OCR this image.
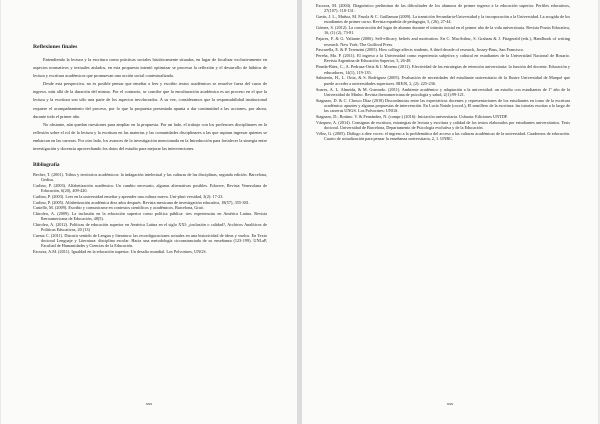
Reflexiones finales

Entendiendo la lectura y la escritura como prácticas sociales históricamente situadas, en lugar de focalizar exclusivamente en aspectos normativos y textuales aislados, en esta propuesta intentó optimizar se procesar la reflexión y el desarrollo de hábitos de lectura y escritura académicos que promuevan una acción social contextualizada.

Desde esta perspectiva, no es posible pensar que enseñar a leer y escribir textos académicos se resuelve fuera del curso de ingreso, más allá de la duración del mismo. Por el contrario, se concibe que la enculturación académica es un proceso en el que la lectura y la escritura son sólo una parte de los aspectos involucrados. A su vez, consideramos que la responsabilidad institucional requiere el acompañamiento del proceso, por lo que la propuesta presentada apunta a dar continuidad a las acciones, por ahora, durante todo el primer año.

No obstante, aún quedan cuestiones para ampliar en la propuesta. Por un lado, el trabajo con los profesores disciplinares en la reflexión sobre el rol de la lectura y la escritura en las materias y las comunidades disciplinares a las que aspiran ingresar quienes se embarcan en las carreras. Por otro lado, los avances de la investigación mencionada en la Introducción para fortalecer la sinergia entre investigación y docencia aprovechando los datos del estudio para mejorar las intervenciones.

Bibliografía
Becher, T. (2001). Tribus y territorios académicos: la indagación intelectual y las culturas de las disciplinas, segunda edición. Barcelona, Gedisa.
Carlino, P. (2003). Alfabetización académica: Un cambio necesario, algunas alternativas posibles. Educere, Revista Venezolana de Educación, 6(20), 409-420.
Carlino, P. (2003). Leer en la universidad enseñar y aprender una cultura nueva. Uni-pluri versidad, 3(2): 17-23.
Carlino, P. (2005). Alfabetización académica diez años después. Revista mexicana de investigación educativa, 18(57), 355-381.
Castelló, M. (2009). Escribir y comunicarse en contextos científicos y académicos. Barcelona, Graó.
Chiroleu, A. (2009). La inclusión en la educación superior como política pública: tres experiencias en América Latina. Revista Iberoamericana de Educación, 48(5).
Chiroleu, A. (2012). Políticas de educación superior en América Latina en el siglo XXI: ¿inclusión o calidad?, Archivos Analíticos de Políticas Educativas, 20 (13)
Cuesta C. (2011). Discutir sentido de Lengua y literatura: las reconfiguraciones actuales en una historicidad de ideas y vuelos. En Texto doctoral Lenguaje y Literatura: disciplina escolar. Hacia una metodología circunstanciada de su enseñanza (123-199). UNLaP, Facultad de Humanidades y Ciencias de la Educación.
Ezcurra, A.M. (2011). Igualdad en la educación superior. Un desafío mundial. Los Polvorines, UNGS.
xxx
Ezcurra, M. (2004). Diagnóstico preliminar de las dificultades de los alumnos de primer ingreso a la educación superior. Perfiles educativos, 27(107): 118-131.
Gavín, J. L., Muñoz, M. Fasola & C. Guillamon (2009). La transición Secundaria-Universidad y la incorporación a la Universidad. La acogida de los estudiantes de primer curso. Revista española de pedagogía, 5, (26), 27-44.
Gómez, S. (2012). La construcción del lugar de alumno durante el tránsito inicial en el primer año de la vida universitaria. Revista Praxis Educativa, 16, (1) (2), 73-81.
Pajares, F. & G. Valiante (2006). Self-efficacy beliefs and motivation. En C. MacArthur, S. Graham & J. Fitzgerald (eds.), Handbook of writing research. New York: The Guilford Press.
Pascarella, E. & P. Terenzini (2005). How college affects students. A third decade of research, Jossey-Bass, San Francisco.
Pereña, Ma. P. (2011). El ingreso a la Universidad como experiencia subjetiva y cultural en estudiantes de la Universidad Nacional de Rosario. Revista Argentina de Educación Superior, 3, 26-48.
Pineda-Báez, C., A. Pedraza-Ortiz & I. Moreno (2011). Efectividad de las estrategias de retención universitaria: la función del docente. Educación y educadores, 14(1), 119-135.
Salmerón, H., L. Ortiz, & S. Rodríguez (2005). Evaluación de necesidades del estudiante universitario de la Ilustre Universidad de Marqué que puede acceder a universidades superiores. RIE/R, 2, (2): 225-236.
Soares, A. L. Almeida, & M. Guerardo. (2011). Ambiente académico y adaptación a la universidad: un estudio con estudiantes de 1º año de la Universidad do Minho. Revista iberoamericana de psicología y salud, 2(1):99-121.
Stagnaro, D. & C. Chosco Díaz (2018) Discordancias entre las expectativas docentes y representaciones de los estudiantes en torno de la escritura académica: apuntes y algunas propuestas de intervención. En Lucía Natale (coord.), El semillero de la escritura: las tutorías escritas a lo largo de las carreras UNGS. Los Polvorines: UNGS.
Stagnaro, D.; Bottino. V. & Fernández, N. (compr.) (2016): Iniciación universitaria. Ushuaia: Ediciones UNTDF.
Vázquez, A. (2014). Consignas de escritura, estrategias de lectura y escritura y calidad de los textos elaborados por estudiantes universitarios. Tesis doctoral. Universidad de Barcelona, Departamento de Psicología evolutiva y de la Educación.
Vélez, G. (2005). Diálogo a diez voces: el ingreso a la problemática del acceso a las culturas académicas de la universidad. Cuadernos de educación. Cuarto de actualización para pensar la enseñanza universitaria, 2, 1. UNRC.
xxx
